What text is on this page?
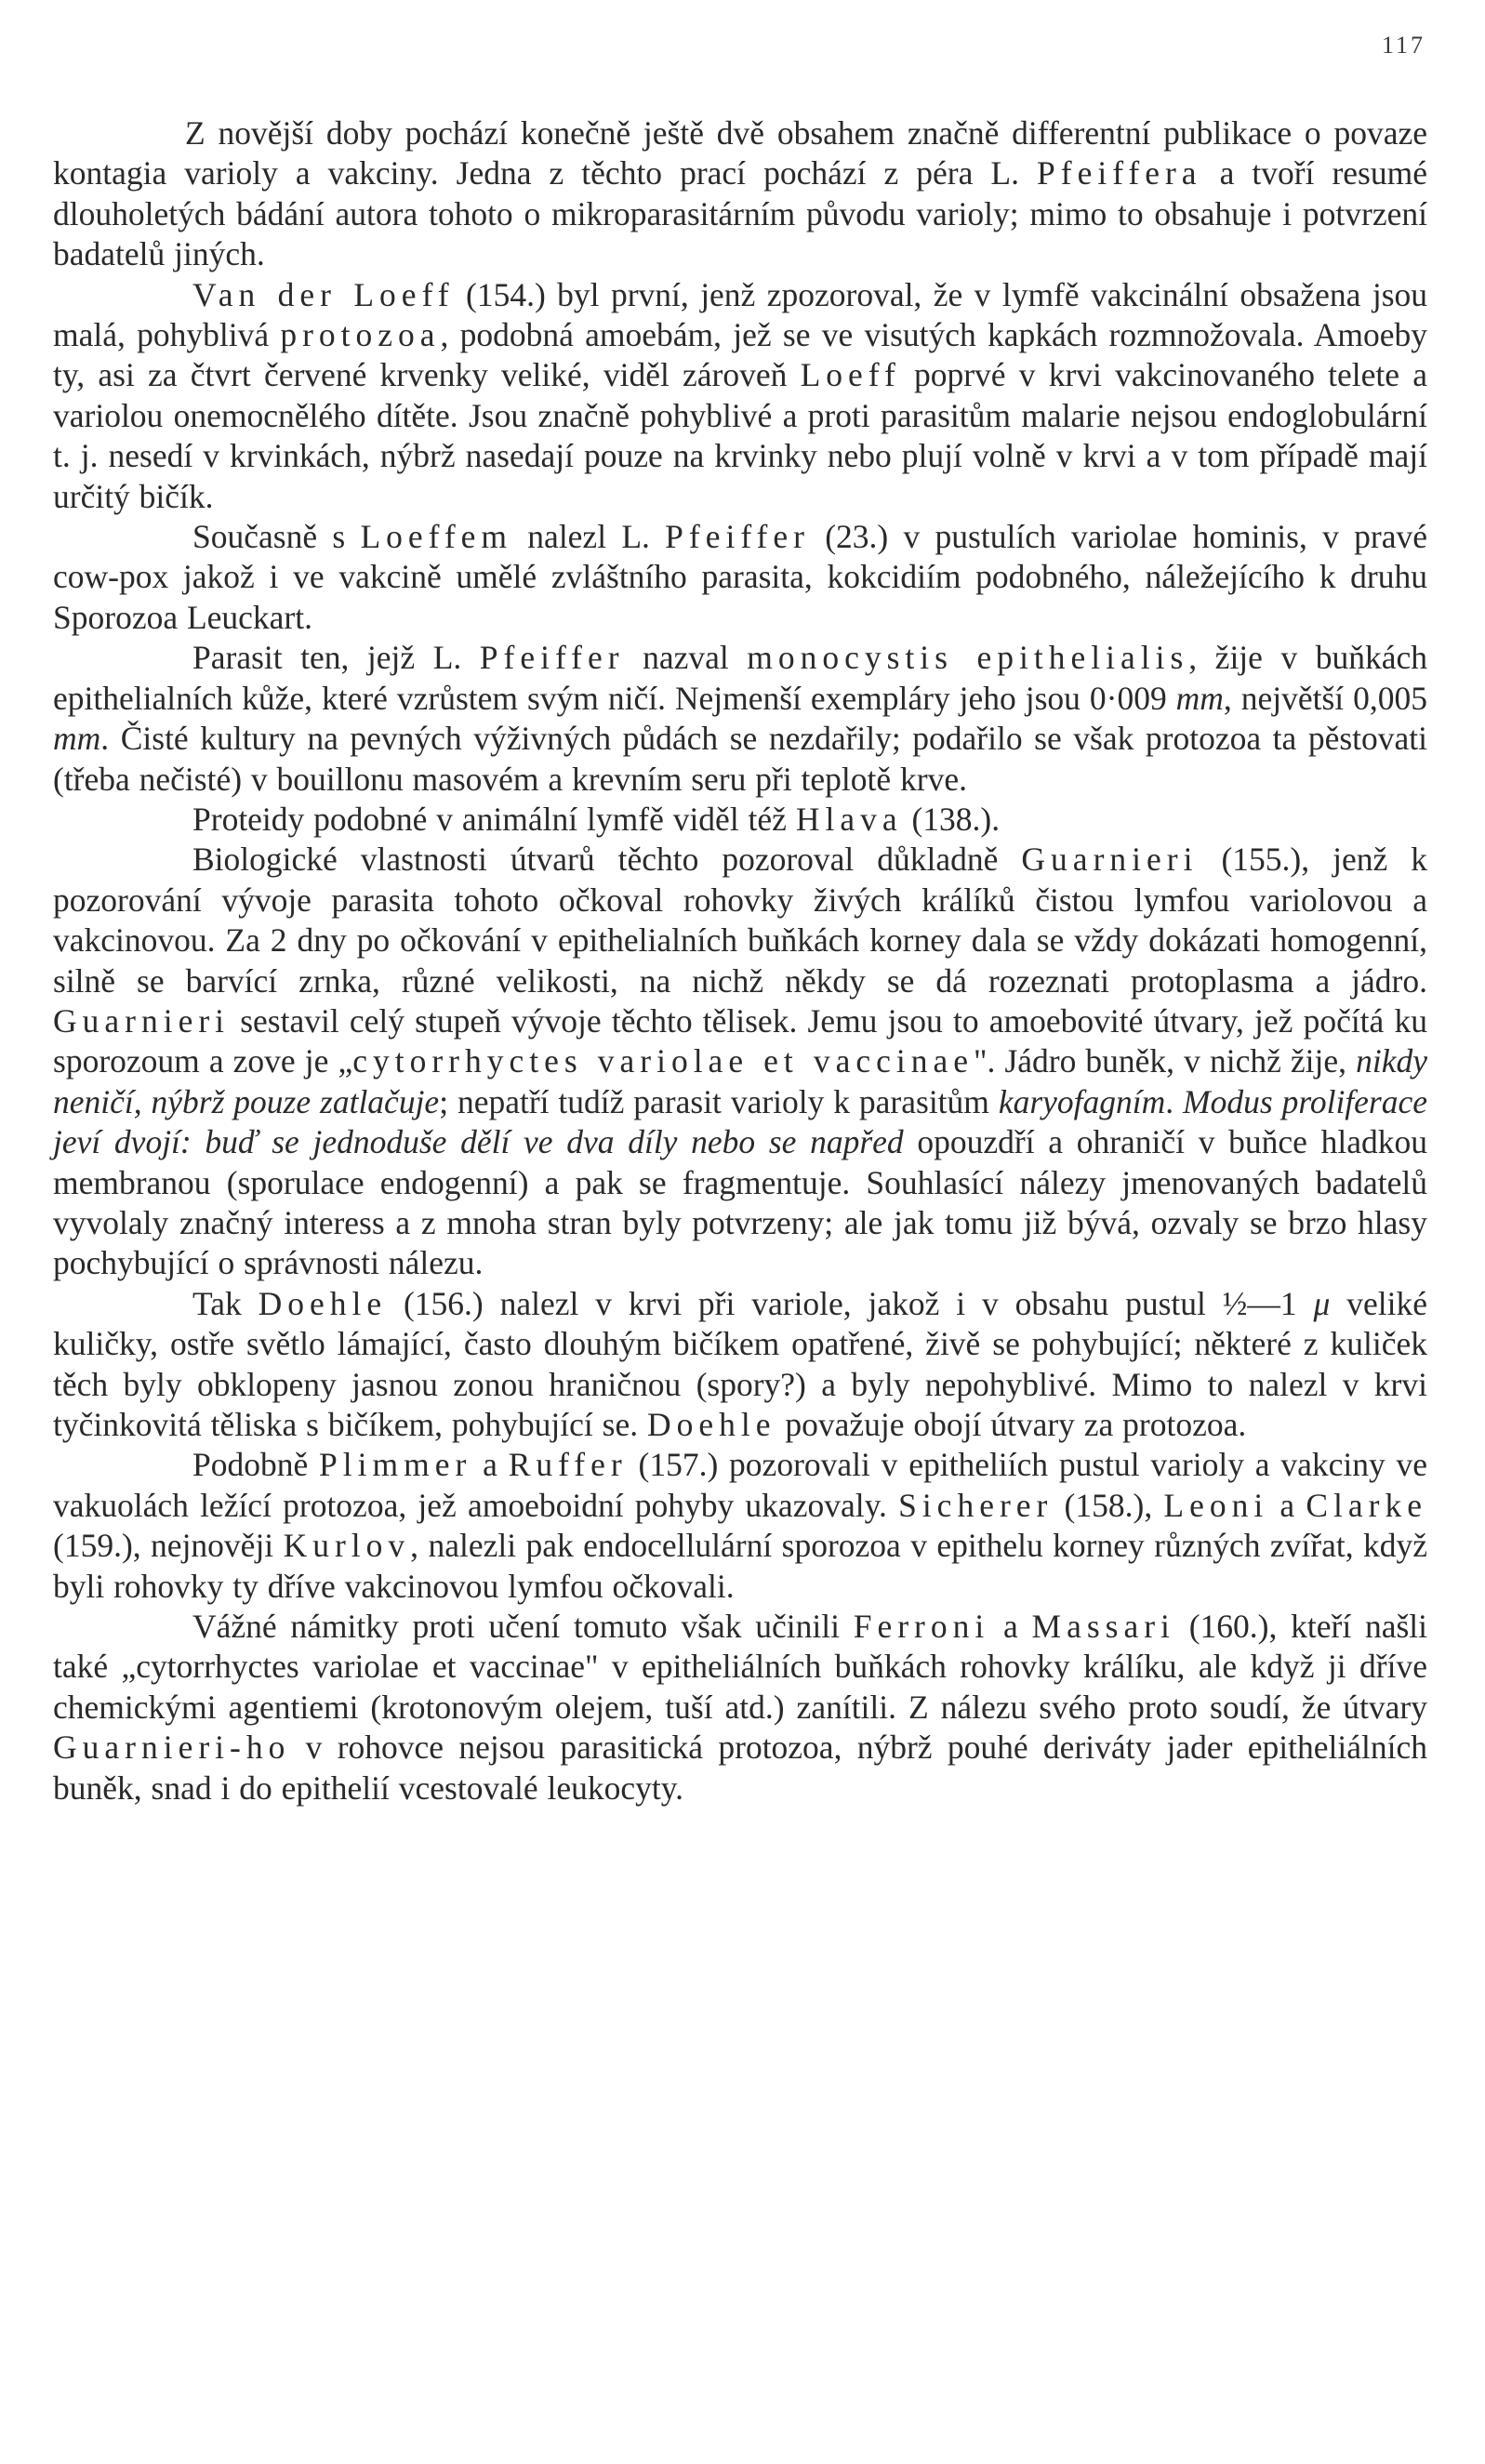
117

Z novější doby pochází konečně ještě dvě obsahem značně differentní publikace o povaze kontagia varioly a vakciny. Jedna z těchto prací pochází z péra L. Pfeiffera a tvoří resumé dlouholetých bádání autora tohoto o mikroparasitárním původu varioly; mimo to obsahuje i potvrzení badatelů jiných.

Van der Loeff (154.) byl první, jenž zpozoroval, že v lymfě vakcinální obsažena jsou malá, pohyblivá protozoa, podobná amoebám, jež se ve visutých kapkách rozmnožovala. Amoeby ty, asi za čtvrt červené krvenky veliké, viděl zároveň Loeff poprvé v krvi vakcinovaného telete a variolou onemocnělého dítěte. Jsou značně pohyblivé a proti parasitům malarie nejsou endoglobulární t. j. nesedí v krvinkách, nýbrž nasedají pouze na krvinky nebo plují volně v krvi a v tom případě mají určitý bičík.

Současně s Loeffem nalezl L. Pfeiffer (23.) v pustulích variolae hominis, v pravé cow-pox jakož i ve vakcině umělé zvláštního parasita, kokcidiím podobného, náležejícího k druhu Sporozoa Leuckart.

Parasit ten, jejž L. Pfeiffer nazval monocystis epithelialis, žije v buňkách epithelialních kůže, které vzrůstem svým ničí. Nejmenší exempláry jeho jsou 0·009 mm, největší 0,005 mm. Čisté kultury na pevných výživných půdách se nezdařily; podařilo se však protozoa ta pěstovati (třeba nečisté) v bouillonu masovém a krevním seru při teplotě krve.

Proteidy podobné v animální lymfě viděl též Hlava (138.).

Biologické vlastnosti útvarů těchto pozoroval důkladně Guarnieri (155.), jenž k pozorování vývoje parasita tohoto očkoval rohovky živých králíků čistou lymfou variolovou a vakcinovou. Za 2 dny po očkování v epithelialních buňkách korney dala se vždy dokázati homogenní, silně se barvící zrnka, různé velikosti, na nichž někdy se dá rozeznati protoplasma a jádro. Guarnieri sestavil celý stupeň vývoje těchto tělisek. Jemu jsou to amoebovité útvary, jež počítá ku sporozoum a zove je „cytorrhyctes variolae et vaccinae". Jádro buněk, v nichž žije, nikdy neničí, nýbrž pouze zatlačuje; nepatří tudíž parasit varioly k parasitům karyofagním. Modus proliferace jeví dvojí: buď se jednoduše dělí ve dva díly nebo se napřed opouzdří a ohraničí v buňce hladkou membranou (sporulace endogenní) a pak se fragmentuje. Souhlasící nálezy jmenovaných badatelů vyvolaly značný interess a z mnoha stran byly potvrzeny; ale jak tomu již bývá, ozvaly se brzo hlasy pochybující o správnosti nálezu.

Tak Doehle (156.) nalezl v krvi při variole, jakož i v obsahu pustul ½—1 μ veliké kuličky, ostře světlo lámající, často dlouhým bičíkem opatřené, živě se pohybující; některé z kuliček těch byly obklopeny jasnou zonou hraničnou (spory?) a byly nepohyblivé. Mimo to nalezl v krvi tyčinkovitá těliska s bičíkem, pohybující se. Doehle považuje obojí útvary za protozoa.

Podobně Plimmer a Ruffer (157.) pozorovali v epitheliích pustul varioly a vakciny ve vakuolách ležící protozoa, jež amoeboidní pohyby ukazovaly. Sicherer (158.), Leoni a Clarke (159.), nejnověji Kurlov, nalezli pak endocellulární sporozoa v epithelu korney různých zvířat, když byli rohovky ty dříve vakcinovou lymfou očkovali.

Vážné námitky proti učení tomuto však učinili Ferroni a Massari (160.), kteří našli také „cytorrhyctes variolae et vaccinae" v epitheliálních buňkách rohovky králíku, ale když ji dříve chemickými agentiemi (krotonovým olejem, tuší atd.) zanítili. Z nálezu svého proto soudí, že útvary Guarnieri-ho v rohovce nejsou parasitická protozoa, nýbrž pouhé deriváty jader epitheliálních buněk, snad i do epithelií vcestovalé leukocyty.
